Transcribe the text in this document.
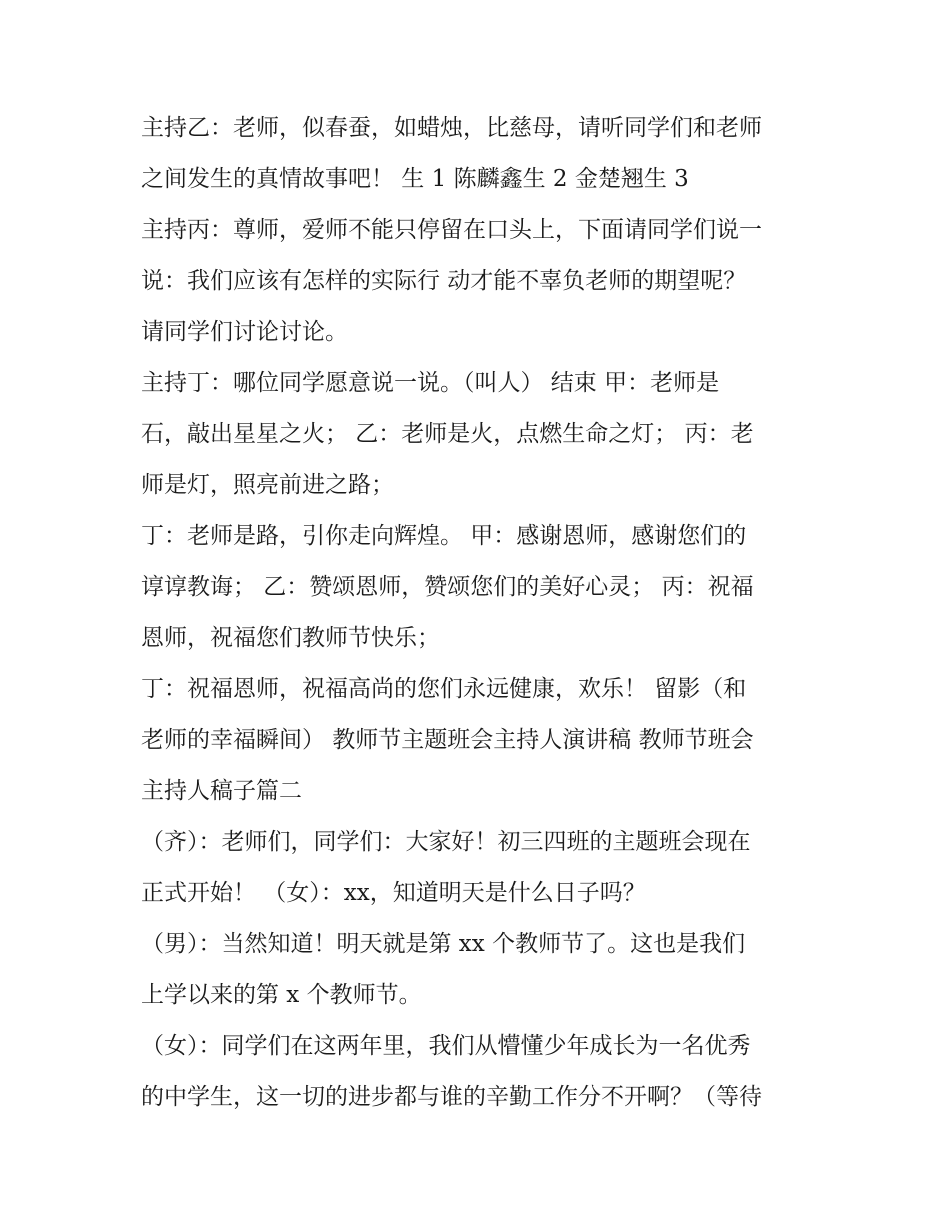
主持乙：老师，似春蚕，如蜡烛，比慈母，请听同学们和老师
之间发生的真情故事吧！ 生 1 陈麟鑫生 2 金楚翘生 3
主持丙：尊师，爱师不能只停留在口头上，下面请同学们说一
说：我们应该有怎样的实际行 动才能不辜负老师的期望呢？
请同学们讨论讨论。
主持丁：哪位同学愿意说一说。（叫人） 结束 甲：老师是
石，敲出星星之火； 乙：老师是火，点燃生命之灯； 丙：老
师是灯，照亮前进之路；
丁：老师是路，引你走向辉煌。 甲：感谢恩师，感谢您们的
谆谆教诲； 乙：赞颂恩师，赞颂您们的美好心灵； 丙：祝福
恩师，祝福您们教师节快乐；
丁：祝福恩师，祝福高尚的您们永远健康，欢乐！ 留影（和
老师的幸福瞬间） 教师节主题班会主持人演讲稿 教师节班会
主持人稿子篇二
（齐）：老师们，同学们：大家好！初三四班的主题班会现在
正式开始！ （女）：xx，知道明天是什么日子吗？
（男）：当然知道！明天就是第 xx 个教师节了。这也是我们
上学以来的第 x 个教师节。
（女）：同学们在这两年里，我们从懵懂少年成长为一名优秀
的中学生，这一切的进步都与谁的辛勤工作分不开啊？（等待
